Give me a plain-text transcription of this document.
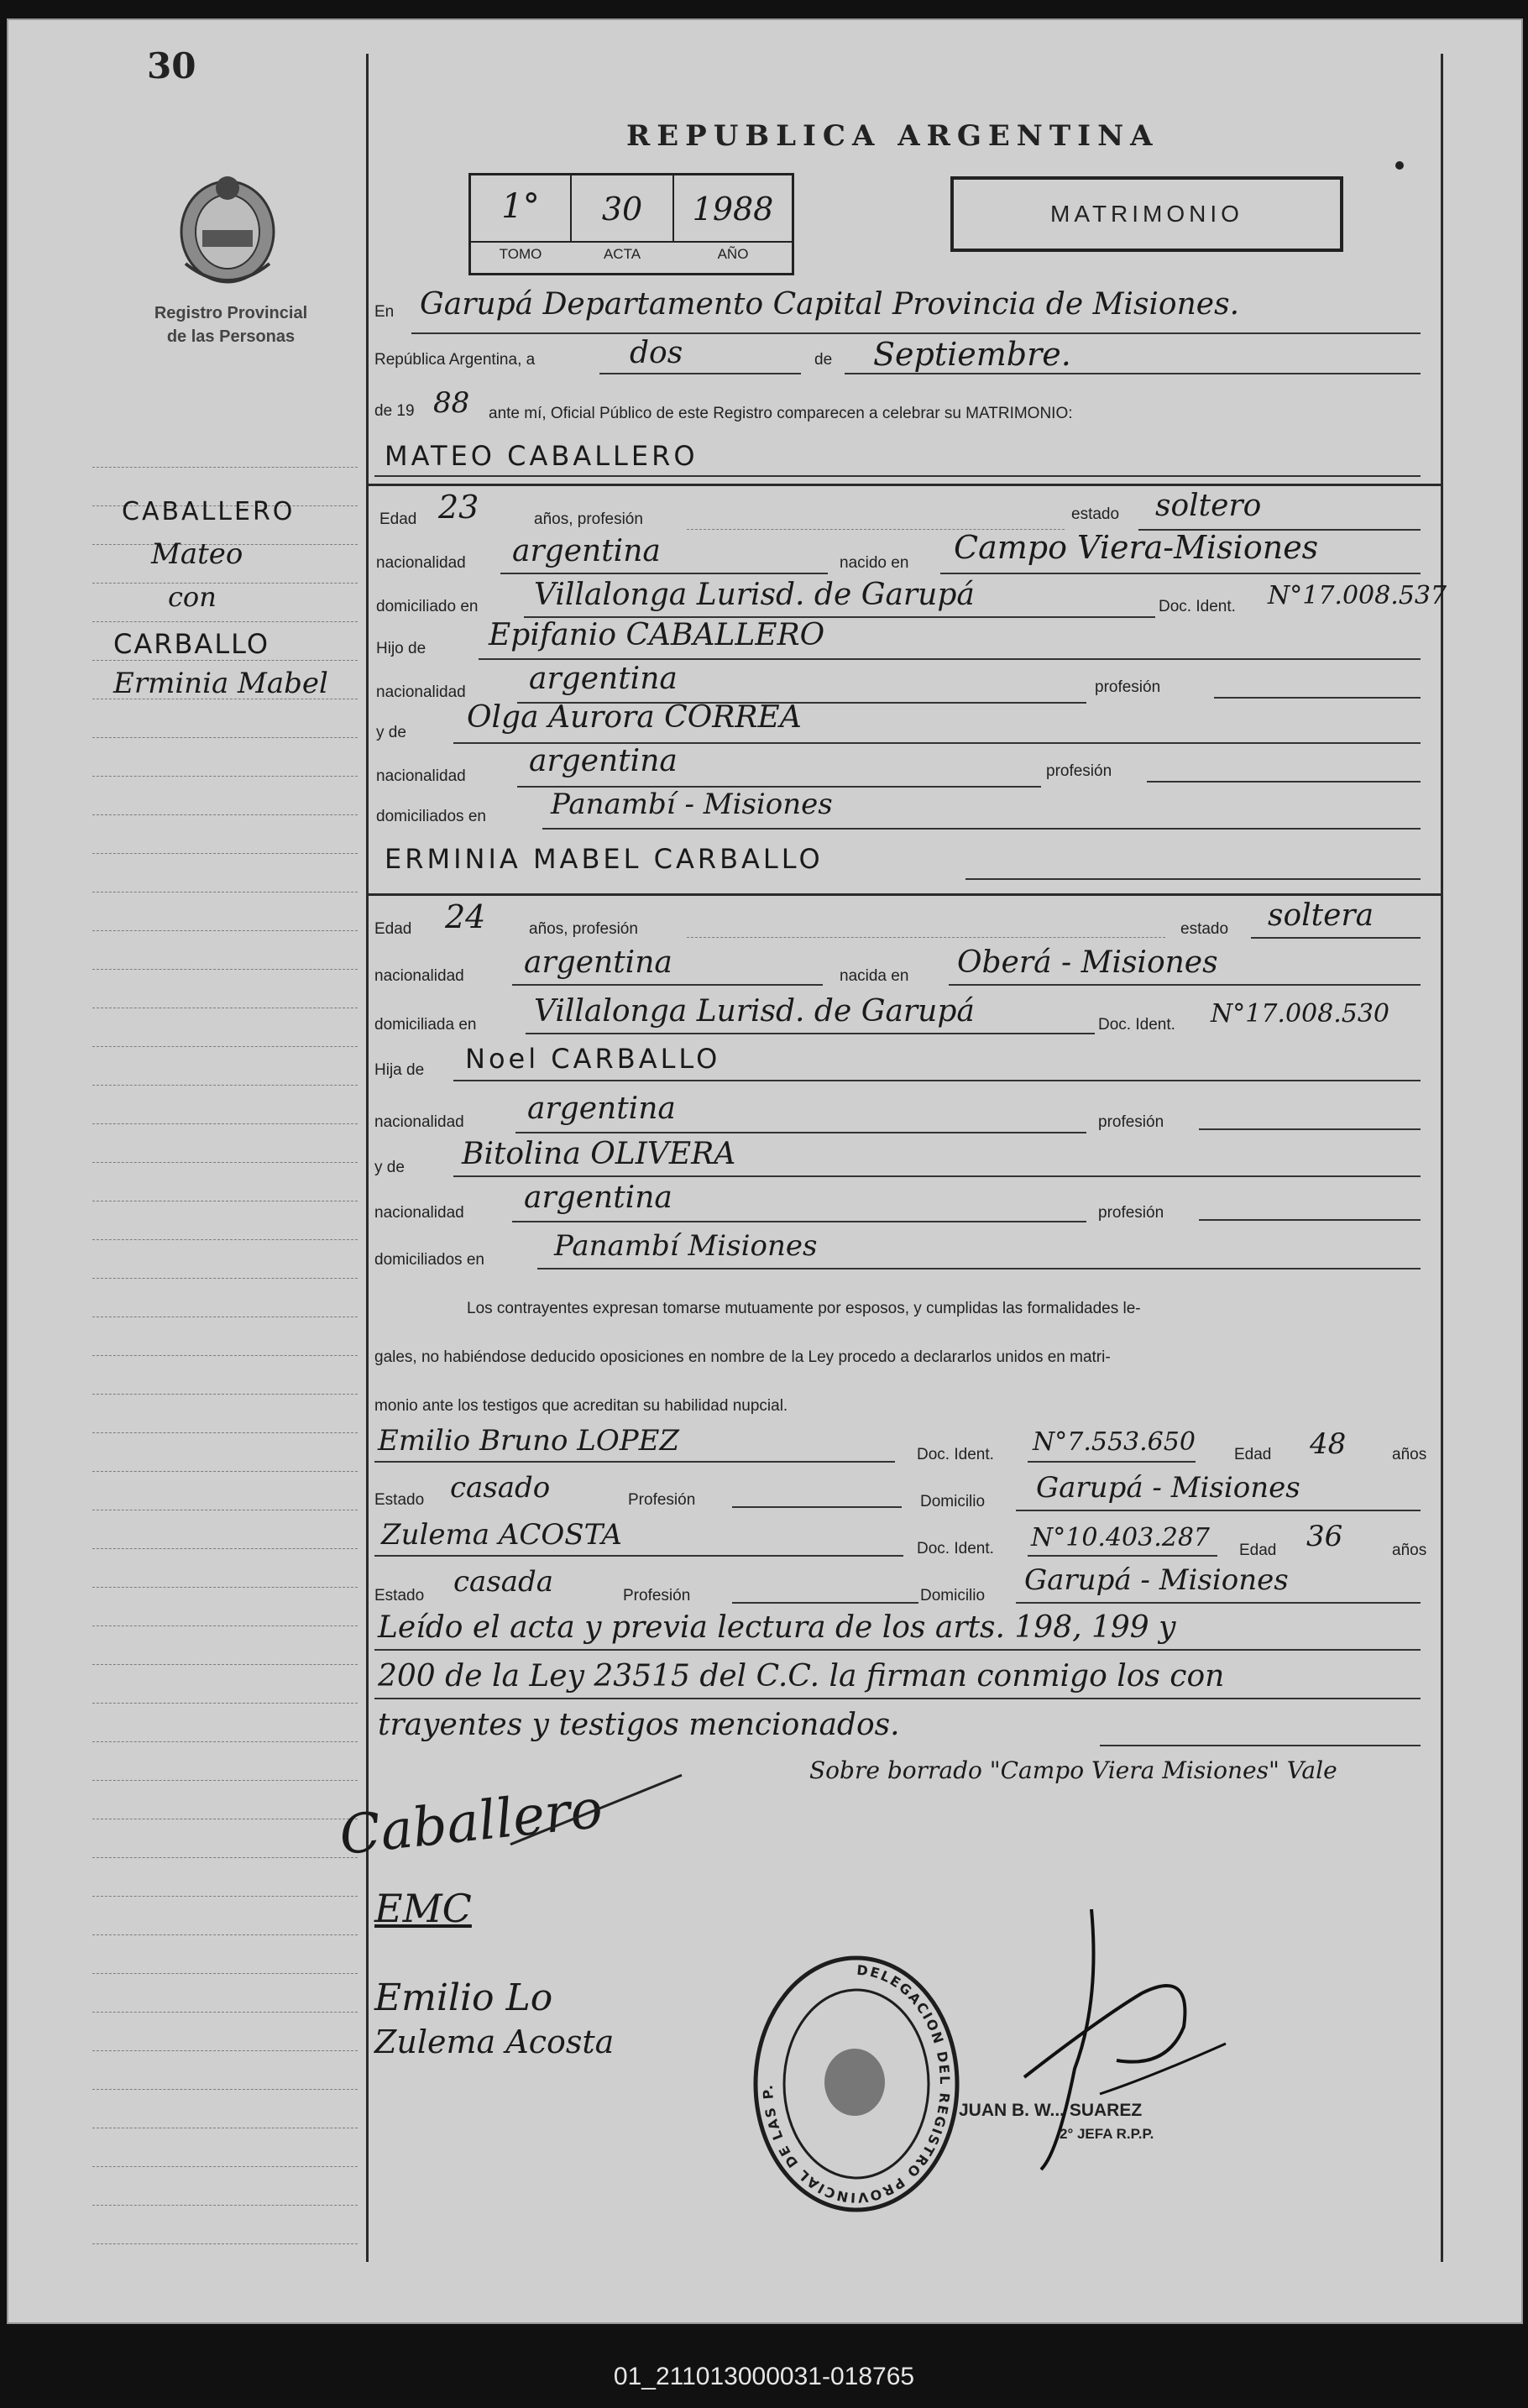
30
Registro Provincial
de las Personas
CABALLERO
Mateo
con
CARBALLO
Erminia Mabel
REPUBLICA ARGENTINA
1°	30	1988
TOMO	ACTA	AÑO
MATRIMONIO
En Garupá Departamento Capital Provincia de Misiones.
República Argentina, a	dos	de Septiembre.
de 19 88 ante mí, Oficial Público de este Registro comparecen a celebrar su MATRIMONIO:
MATEO CABALLERO
Edad 23	años, profesión	estado soltero
nacionalidad argentina	nacido en Campo Viera-Misiones
domiciliado en Villalonga Lurisd. de Garupá	Doc. Ident. N°17.008.537
Hijo de Epifanio CABALLERO
nacionalidad argentina	profesión
y de Olga Aurora CORREA
nacionalidad argentina	profesión
domiciliados en Panambí - Misiones
ERMINIA MABEL CARBALLO
Edad 24	años, profesión	estado soltera
nacionalidad argentina	nacida en Oberá - Misiones
domiciliada en Villalonga Lurisd. de Garupá	Doc. Ident. N°17.008.530
Hija de Noel CARBALLO
nacionalidad argentina	profesión
y de Bitolina OLIVERA
nacionalidad argentina	profesión
domiciliados en Panambí Misiones
Los contrayentes expresan tomarse mutuamente por esposos, y cumplidas las formalidades le-
gales, no habiéndose deducido oposiciones en nombre de la Ley procedo a declararlos unidos en matri-
monio ante los testigos que acreditan su habilidad nupcial.
Emilio Bruno LOPEZ	Doc. Ident. N°7.553.650 Edad 48	años
Estado casado	Profesión	Domicilio Garupá - Misiones
Zulema ACOSTA	Doc. Ident. N°10.403.287 Edad 36	años
Estado casada	Profesión	Domicilio Garupá - Misiones
Leído el acta y previa lectura de los arts. 198, 199 y
200 de la Ley 23515 del C.C. la firman conmigo los con
trayentes y testigos mencionados.
Sobre borrado "Campo Viera Misiones" Vale
Caballero
EMC
Emilio Lo
Zulema Acosta
DELEGACION DEL REGISTRO PROVINCIAL DE LAS P.
JUAN B. W... SUAREZ
2° JEFA R.P.P.
01_211013000031-018765
